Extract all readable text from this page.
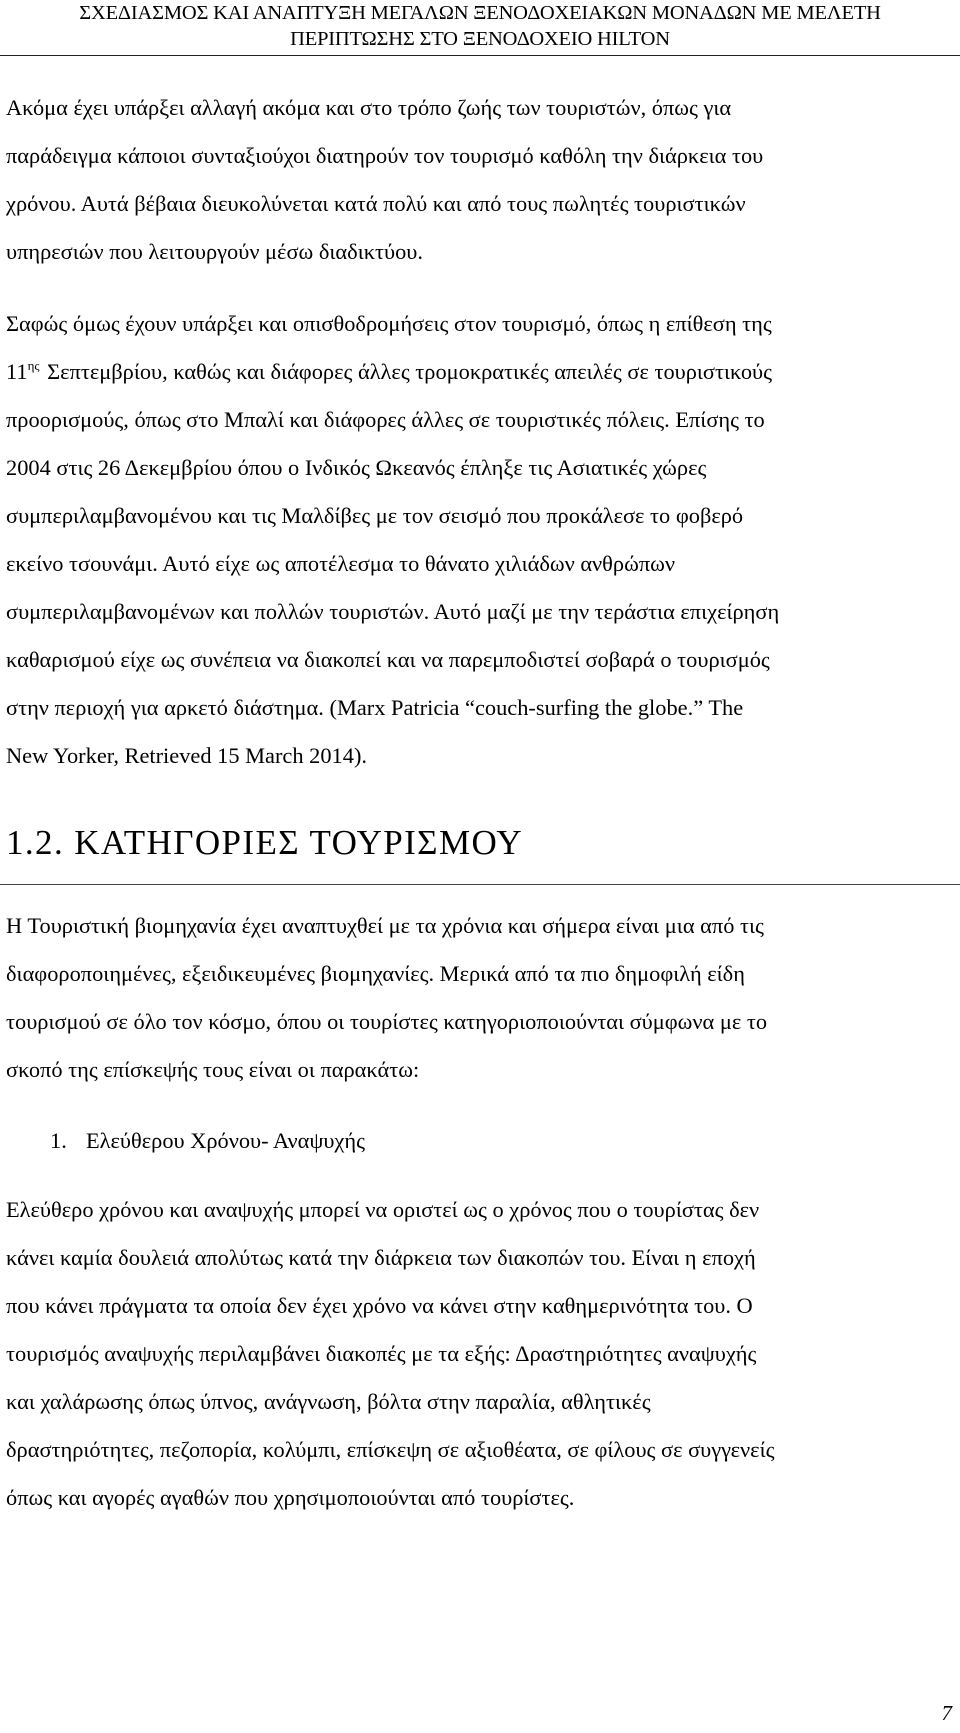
ΣΧΕΔΙΑΣΜΟΣ ΚΑΙ ΑΝΑΠΤΥΞΗ ΜΕΓΑΛΩΝ ΞΕΝΟΔΟΧΕΙΑΚΩΝ ΜΟΝΑΔΩΝ ΜΕ ΜΕΛΕΤΗ
ΠΕΡΙΠΤΩΣΗΣ ΣΤΟ ΞΕΝΟΔΟΧΕΙΟ HILTON
Ακόμα έχει υπάρξει αλλαγή ακόμα και στο τρόπο ζωής των τουριστών, όπως για
παράδειγμα κάποιοι συνταξιούχοι διατηρούν τον τουρισμό καθόλη την διάρκεια του
χρόνου. Αυτά βέβαια διευκολύνεται κατά πολύ και από τους πωλητές τουριστικών
υπηρεσιών που λειτουργούν μέσω διαδικτύου.
Σαφώς όμως έχουν υπάρξει και οπισθοδρομήσεις στον τουρισμό, όπως η επίθεση της
$11^{\eta\varsigma}$ Σεπτεμβρίου, καθώς και διάφορες άλλες τρομοκρατικές απειλές σε τουριστικούς
προορισμούς, όπως στο Μπαλί και διάφορες άλλες σε τουριστικές πόλεις. Επίσης το
2004 στις 26 Δεκεμβρίου όπου ο Ινδικός Ωκεανός έπληξε τις Ασιατικές χώρες
συμπεριλαμβανομένου και τις Μαλδίβες με τον σεισμό που προκάλεσε το φοβερό
εκείνο τσουνάμι. Αυτό είχε ως αποτέλεσμα το θάνατο χιλιάδων ανθρώπων
συμπεριλαμβανομένων και πολλών τουριστών. Αυτό μαζί με την τεράστια επιχείρηση
καθαρισμού είχε ως συνέπεια να διακοπεί και να παρεμποδιστεί σοβαρά ο τουρισμός
στην περιοχή για αρκετό διάστημα. (Marx Patricia “couch-surfing the globe.” The
New Yorker, Retrieved 15 March 2014).
1.2. ΚΑΤΗΓΟΡΙΕΣ ΤΟΥΡΙΣΜΟΥ
Η Τουριστική βιομηχανία έχει αναπτυχθεί με τα χρόνια και σήμερα είναι μια από τις
διαφοροποιημένες, εξειδικευμένες βιομηχανίες. Μερικά από τα πιο δημοφιλή είδη
τουρισμού σε όλο τον κόσμο, όπου οι τουρίστες κατηγοριοποιούνται σύμφωνα με το
σκοπό της επίσκεψής τους είναι οι παρακάτω:
1. Ελεύθερου Χρόνου- Αναψυχής
Ελεύθερο χρόνου και αναψυχής μπορεί να οριστεί ως ο χρόνος που ο τουρίστας δεν
κάνει καμία δουλειά απολύτως κατά την διάρκεια των διακοπών του. Είναι η εποχή
που κάνει πράγματα τα οποία δεν έχει χρόνο να κάνει στην καθημερινότητα του. Ο
τουρισμός αναψυχής περιλαμβάνει διακοπές με τα εξής: Δραστηριότητες αναψυχής
και χαλάρωσης όπως ύπνος, ανάγνωση, βόλτα στην παραλία, αθλητικές
δραστηριότητες, πεζοπορία, κολύμπι, επίσκεψη σε αξιοθέατα, σε φίλους σε συγγενείς
όπως και αγορές αγαθών που χρησιμοποιούνται από τουρίστες.
7
